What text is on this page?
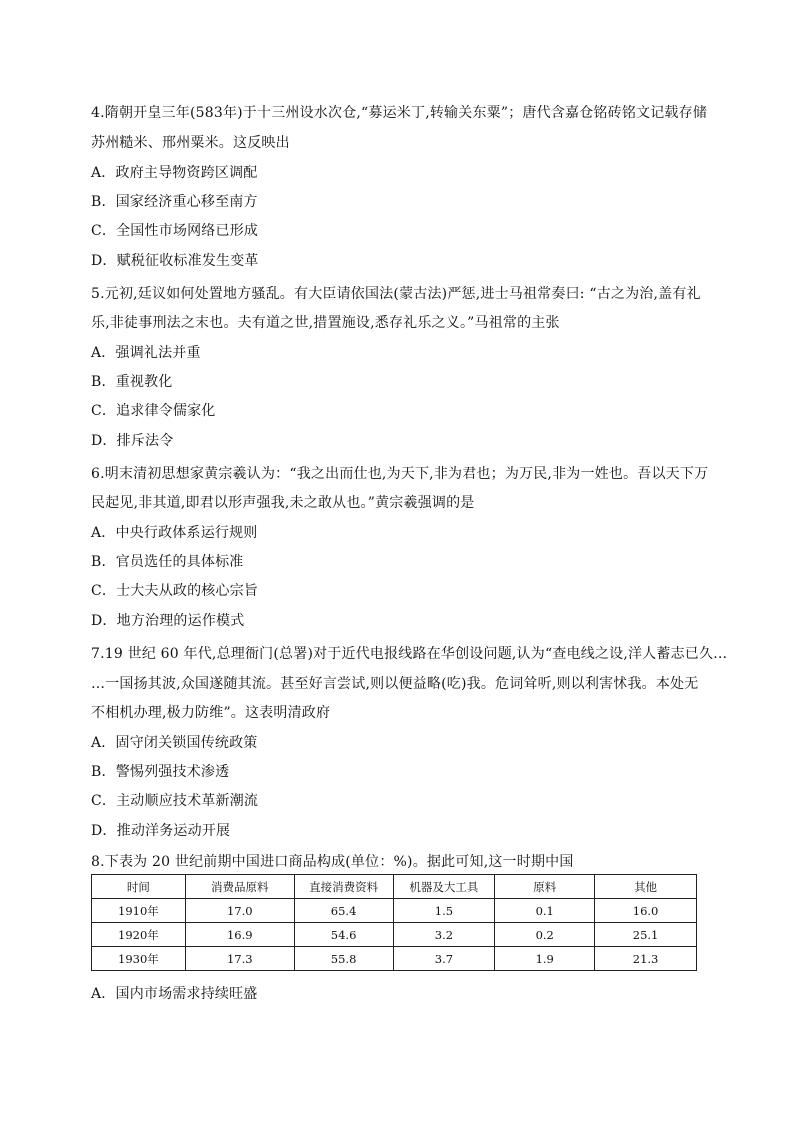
4.隋朝开皇三年(583年)于十三州设水次仓,“募运米丁,转输关东粟”；唐代含嘉仓铭砖铭文记载存储
苏州糙米、邢州粟米。这反映出
A．政府主导物资跨区调配
B．国家经济重心移至南方
C．全国性市场网络已形成
D．赋税征收标准发生变革
5.元初,廷议如何处置地方骚乱。有大臣请依国法(蒙古法)严惩,进士马祖常奏曰: “古之为治,盖有礼
乐,非徒事刑法之末也。夫有道之世,措置施设,悉存礼乐之义。”马祖常的主张
A．强调礼法并重
B．重视教化
C．追求律令儒家化
D．排斥法令
6.明末清初思想家黄宗羲认为：“我之出而仕也,为天下,非为君也；为万民,非为一姓也。吾以天下万
民起见,非其道,即君以形声强我,未之敢从也。”黄宗羲强调的是
A．中央行政体系运行规则
B．官员选任的具体标准
C．士大夫从政的核心宗旨
D．地方治理的运作模式
7.19 世纪 60 年代,总理衙门(总署)对于近代电报线路在华创设问题,认为“查电线之设,洋人蓄志已久…
…一国扬其波,众国遂随其流。甚至好言尝试,则以便益略(吃)我。危词耸听,则以利害怵我。本处无
不相机办理,极力防维”。这表明清政府
A．固守闭关锁国传统政策
B．警惕列强技术渗透
C．主动顺应技术革新潮流
D．推动洋务运动开展
8.下表为 20 世纪前期中国进口商品构成(单位：%)。据此可知,这一时期中国
时间	消费品原料	直接消费资料	机器及大工具	原料	其他
1910年	17.0	65.4	1.5	0.1	16.0
1920年	16.9	54.6	3.2	0.2	25.1
1930年	17.3	55.8	3.7	1.9	21.3
A．国内市场需求持续旺盛
